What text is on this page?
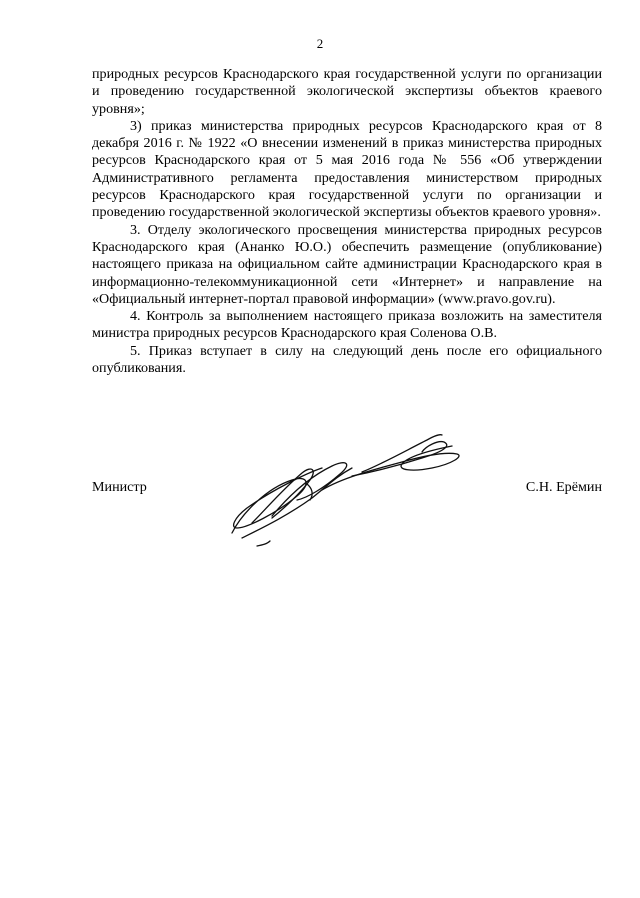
2

природных ресурсов Краснодарского края государственной услуги по организации и проведению государственной экологической экспертизы объектов краевого уровня»;

3) приказ министерства природных ресурсов Краснодарского края от 8 декабря 2016 г. № 1922 «О внесении изменений в приказ министерства природных ресурсов Краснодарского края от 5 мая 2016 года № 556 «Об утверждении Административного регламента предоставления министерством природных ресурсов Краснодарского края государственной услуги по организации и проведению государственной экологической экспертизы объектов краевого уровня».

3. Отделу экологического просвещения министерства природных ресурсов Краснодарского края (Ананко Ю.О.) обеспечить размещение (опубликование) настоящего приказа на официальном сайте администрации Краснодарского края в информационно-телекоммуникационной сети «Интернет» и направление на «Официальный интернет-портал правовой информации» (www.pravo.gov.ru).

4. Контроль за выполнением настоящего приказа возложить на заместителя министра природных ресурсов Краснодарского края Соленова О.В.

5. Приказ вступает в силу на следующий день после его официального опубликования.

Министр	С.Н. Ерёмин
